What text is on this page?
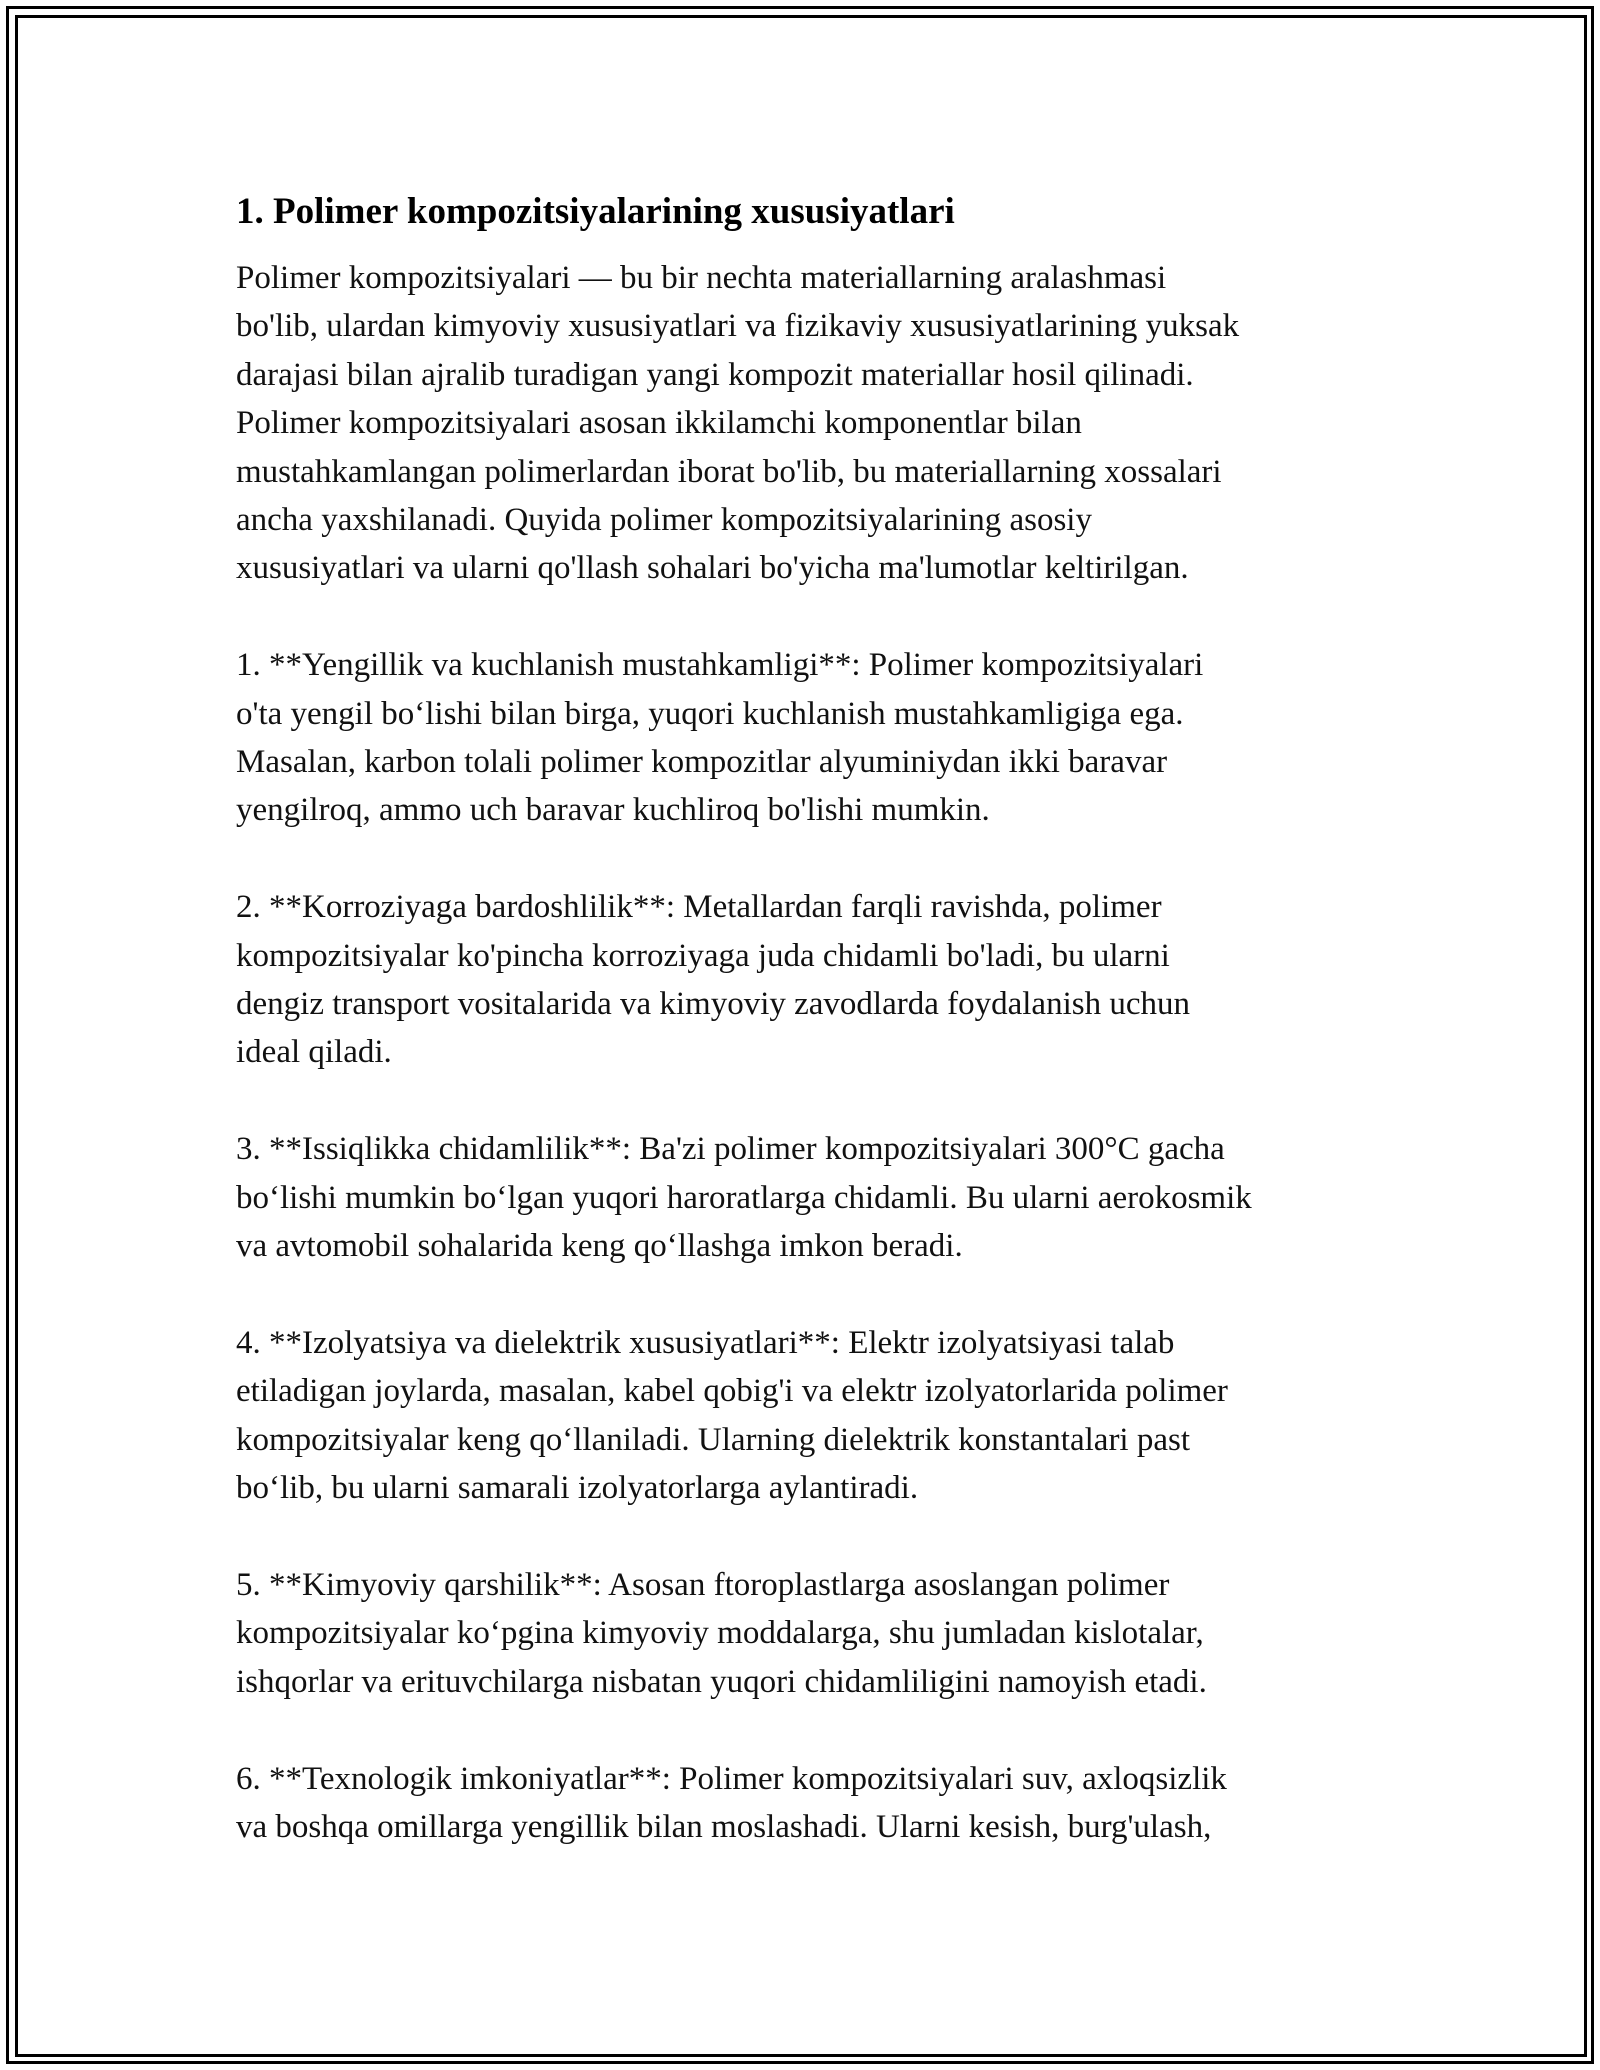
1. Polimer kompozitsiyalarining xususiyatlari

Polimer kompozitsiyalari — bu bir nechta materiallarning aralashmasi
bo'lib, ulardan kimyoviy xususiyatlari va fizikaviy xususiyatlarining yuksak
darajasi bilan ajralib turadigan yangi kompozit materiallar hosil qilinadi.
Polimer kompozitsiyalari asosan ikkilamchi komponentlar bilan
mustahkamlangan polimerlardan iborat bo'lib, bu materiallarning xossalari
ancha yaxshilanadi. Quyida polimer kompozitsiyalarining asosiy
xususiyatlari va ularni qo'llash sohalari bo'yicha ma'lumotlar keltirilgan.

1. **Yengillik va kuchlanish mustahkamligi**: Polimer kompozitsiyalari
o'ta yengil bo‘lishi bilan birga, yuqori kuchlanish mustahkamligiga ega.
Masalan, karbon tolali polimer kompozitlar alyuminiydan ikki baravar
yengilroq, ammo uch baravar kuchliroq bo'lishi mumkin.

2. **Korroziyaga bardoshlilik**: Metallardan farqli ravishda, polimer
kompozitsiyalar ko'pincha korroziyaga juda chidamli bo'ladi, bu ularni
dengiz transport vositalarida va kimyoviy zavodlarda foydalanish uchun
ideal qiladi.

3. **Issiqlikka chidamlilik**: Ba'zi polimer kompozitsiyalari 300°C gacha
bo‘lishi mumkin bo‘lgan yuqori haroratlarga chidamli. Bu ularni aerokosmik
va avtomobil sohalarida keng qo‘llashga imkon beradi.

4. **Izolyatsiya va dielektrik xususiyatlari**: Elektr izolyatsiyasi talab
etiladigan joylarda, masalan, kabel qobig'i va elektr izolyatorlarida polimer
kompozitsiyalar keng qo‘llaniladi. Ularning dielektrik konstantalari past
bo‘lib, bu ularni samarali izolyatorlarga aylantiradi.

5. **Kimyoviy qarshilik**: Asosan ftoroplastlarga asoslangan polimer
kompozitsiyalar ko‘pgina kimyoviy moddalarga, shu jumladan kislotalar,
ishqorlar va erituvchilarga nisbatan yuqori chidamliligini namoyish etadi.

6. **Texnologik imkoniyatlar**: Polimer kompozitsiyalari suv, axloqsizlik
va boshqa omillarga yengillik bilan moslashadi. Ularni kesish, burg'ulash,
